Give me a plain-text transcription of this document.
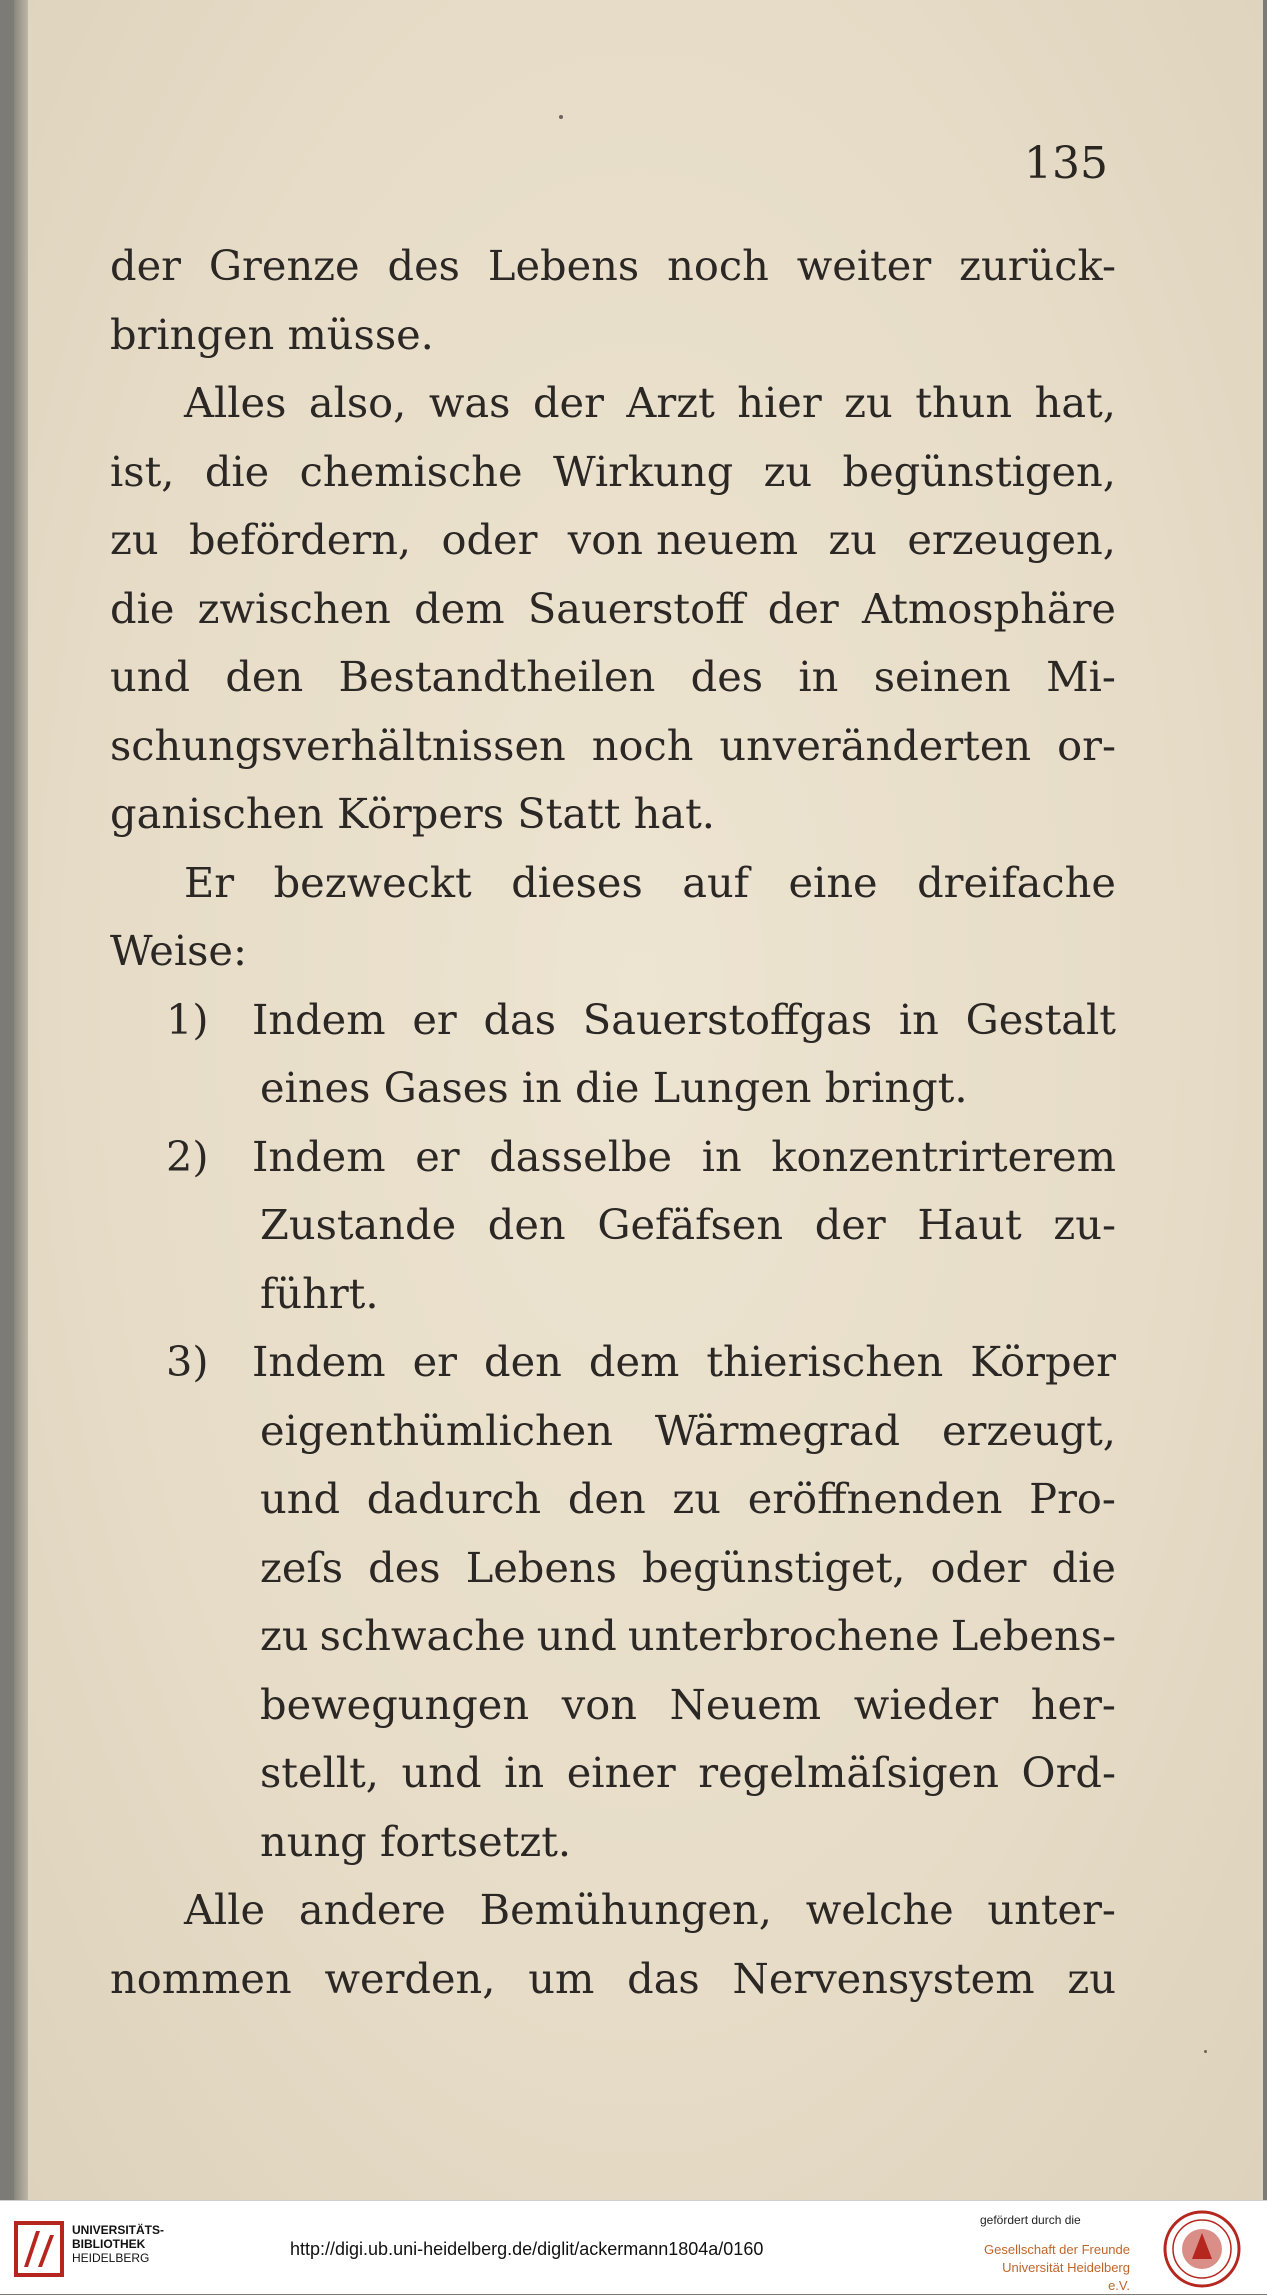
135
der Grenze des Lebens noch weiter zurück-
bringen müsse.
Alles also, was der Arzt hier zu thun hat,
ist, die chemische Wirkung zu begünstigen,
zu befördern, oder von neuem zu erzeugen,
die zwischen dem Sauerstoff der Atmosphäre
und den Bestandtheilen des in seinen Mi-
schungsverhältnissen noch unveränderten or-
ganischen Körpers Statt hat.
Er bezweckt dieses auf eine dreifache
Weise:
1)	Indem er das Sauerstoffgas in Gestalt
eines Gases in die Lungen bringt.
2)	Indem er dasselbe in konzentrirterem
Zustande den Gefäfsen der Haut zu-
führt.
3)	Indem er den dem thierischen Körper
eigenthümlichen Wärmegrad erzeugt,
und dadurch den zu eröffnenden Pro-
zeſs des Lebens begünstiget, oder die
zu schwache und unterbrochene Lebens-
bewegungen von Neuem wieder her-
stellt, und in einer regelmäſsigen Ord-
nung fortsetzt.
Alle andere Bemühungen, welche unter-
nommen werden, um das Nervensystem zu
UNIVERSITÄTS-
BIBLIOTHEK
HEIDELBERG	http://digi.ub.uni-heidelberg.de/diglit/ackermann1804a/0160
gefördert durch die
Gesellschaft der Freunde
Universität Heidelberg e.V.
